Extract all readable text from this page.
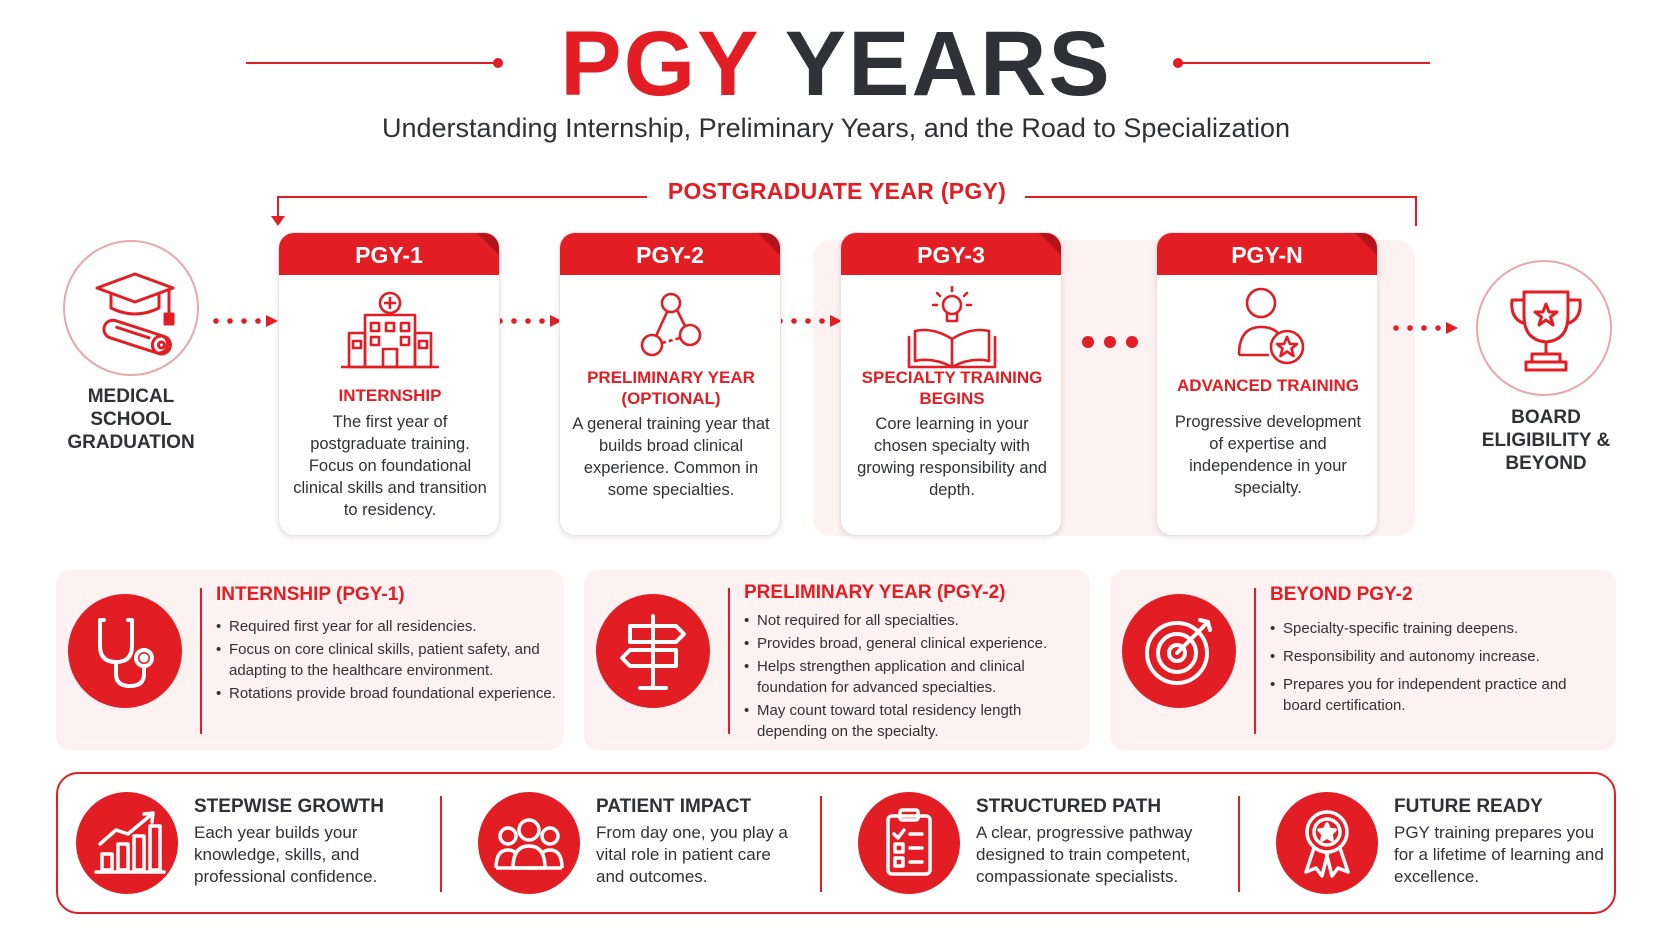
PGY YEARS
Understanding Internship, Preliminary Years, and the Road to Specialization
POSTGRADUATE YEAR (PGY)
MEDICAL SCHOOL GRADUATION
PGY-1
INTERNSHIP
The first year of postgraduate training. Focus on foundational clinical skills and transition to residency.
PGY-2
PRELIMINARY YEAR (OPTIONAL)
A general training year that builds broad clinical experience. Common in some specialties.
PGY-3
SPECIALTY TRAINING BEGINS
Core learning in your chosen specialty with growing responsibility and depth.
PGY-N
ADVANCED TRAINING
Progressive development of expertise and independence in your specialty.
BOARD ELIGIBILITY & BEYOND
INTERNSHIP (PGY-1)
• Required first year for all residencies.
• Focus on core clinical skills, patient safety, and adapting to the healthcare environment.
• Rotations provide broad foundational experience.
PRELIMINARY YEAR (PGY-2)
• Not required for all specialties.
• Provides broad, general clinical experience.
• Helps strengthen application and clinical foundation for advanced specialties.
• May count toward total residency length depending on the specialty.
BEYOND PGY-2
• Specialty-specific training deepens.
• Responsibility and autonomy increase.
• Prepares you for independent practice and board certification.
STEPWISE GROWTH
Each year builds your knowledge, skills, and professional confidence.
PATIENT IMPACT
From day one, you play a vital role in patient care and outcomes.
STRUCTURED PATH
A clear, progressive pathway designed to train competent, compassionate specialists.
FUTURE READY
PGY training prepares you for a lifetime of learning and excellence.
